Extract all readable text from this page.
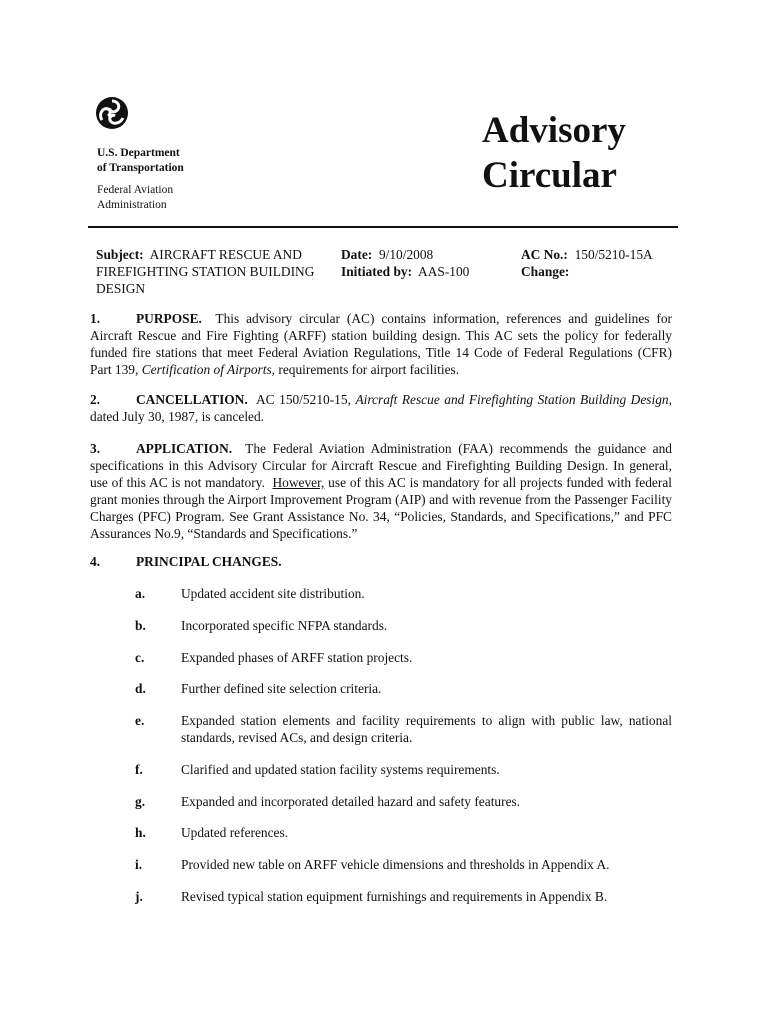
U.S. Department
of Transportation
Federal Aviation
Administration
Advisory
Circular
Subject: AIRCRAFT RESCUE AND
FIREFIGHTING STATION BUILDING
DESIGN
Date: 9/10/2008
Initiated by: AAS-100
AC No.: 150/5210-15A
Change:
1.	PURPOSE. This advisory circular (AC) contains information, references and guidelines for Aircraft Rescue and Fire Fighting (ARFF) station building design. This AC sets the policy for federally funded fire stations that meet Federal Aviation Regulations, Title 14 Code of Federal Regulations (CFR) Part 139, Certification of Airports, requirements for airport facilities.
2.	CANCELLATION. AC 150/5210-15, Aircraft Rescue and Firefighting Station Building Design, dated July 30, 1987, is canceled.
3.	APPLICATION. The Federal Aviation Administration (FAA) recommends the guidance and specifications in this Advisory Circular for Aircraft Rescue and Firefighting Building Design. In general, use of this AC is not mandatory. However, use of this AC is mandatory for all projects funded with federal grant monies through the Airport Improvement Program (AIP) and with revenue from the Passenger Facility Charges (PFC) Program. See Grant Assistance No. 34, “Policies, Standards, and Specifications,” and PFC Assurances No.9, “Standards and Specifications.”
4.	PRINCIPAL CHANGES.
a.	Updated accident site distribution.
b.	Incorporated specific NFPA standards.
c.	Expanded phases of ARFF station projects.
d.	Further defined site selection criteria.
e.	Expanded station elements and facility requirements to align with public law, national standards, revised ACs, and design criteria.
f.	Clarified and updated station facility systems requirements.
g.	Expanded and incorporated detailed hazard and safety features.
h.	Updated references.
i.	Provided new table on ARFF vehicle dimensions and thresholds in Appendix A.
j.	Revised typical station equipment furnishings and requirements in Appendix B.
